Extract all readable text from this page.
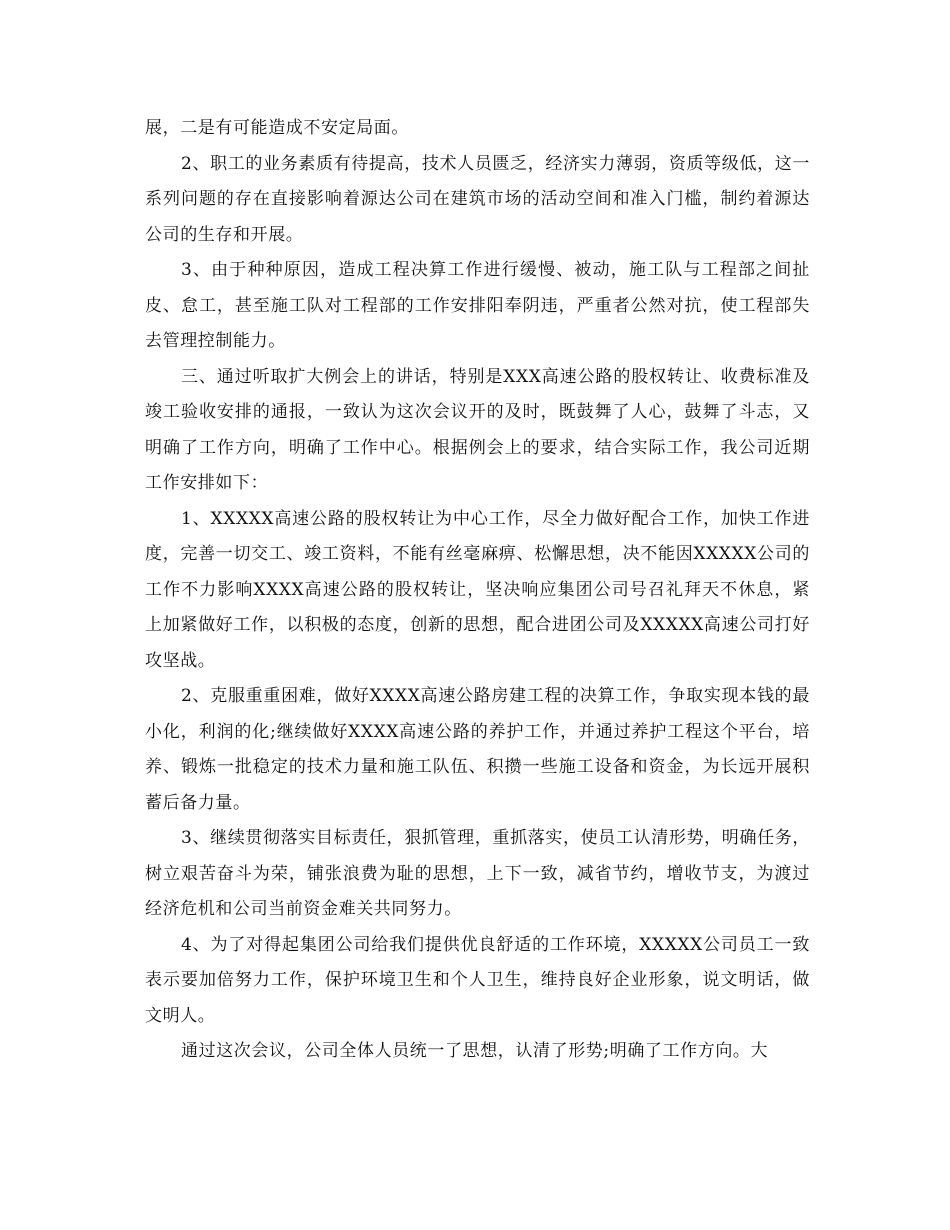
展，二是有可能造成不安定局面。

2、职工的业务素质有待提高，技术人员匮乏，经济实力薄弱，资质等级低，这一系列问题的存在直接影响着源达公司在建筑市场的活动空间和准入门槛，制约着源达公司的生存和开展。

3、由于种种原因，造成工程决算工作进行缓慢、被动，施工队与工程部之间扯皮、怠工，甚至施工队对工程部的工作安排阳奉阴违，严重者公然对抗，使工程部失去管理控制能力。

三、通过听取扩大例会上的讲话，特别是XXX高速公路的股权转让、收费标准及竣工验收安排的通报，一致认为这次会议开的及时，既鼓舞了人心，鼓舞了斗志，又明确了工作方向，明确了工作中心。根据例会上的要求，结合实际工作，我公司近期工作安排如下：

1、XXXXX高速公路的股权转让为中心工作，尽全力做好配合工作，加快工作进度，完善一切交工、竣工资料，不能有丝毫麻痹、松懈思想，决不能因XXXXX公司的工作不力影响XXXX高速公路的股权转让，坚决响应集团公司号召礼拜天不休息，紧上加紧做好工作，以积极的态度，创新的思想，配合进团公司及XXXXX高速公司打好攻坚战。

2、克服重重困难，做好XXXX高速公路房建工程的决算工作，争取实现本钱的最小化，利润的化;继续做好XXXX高速公路的养护工作，并通过养护工程这个平台，培养、锻炼一批稳定的技术力量和施工队伍、积攒一些施工设备和资金，为长远开展积蓄后备力量。

3、继续贯彻落实目标责任，狠抓管理，重抓落实，使员工认清形势，明确任务，树立艰苦奋斗为荣，铺张浪费为耻的思想，上下一致，减省节约，增收节支，为渡过经济危机和公司当前资金难关共同努力。

4、为了对得起集团公司给我们提供优良舒适的工作环境，XXXXX公司员工一致表示要加倍努力工作，保护环境卫生和个人卫生，维持良好企业形象，说文明话，做文明人。

通过这次会议，公司全体人员统一了思想，认清了形势;明确了工作方向。大
